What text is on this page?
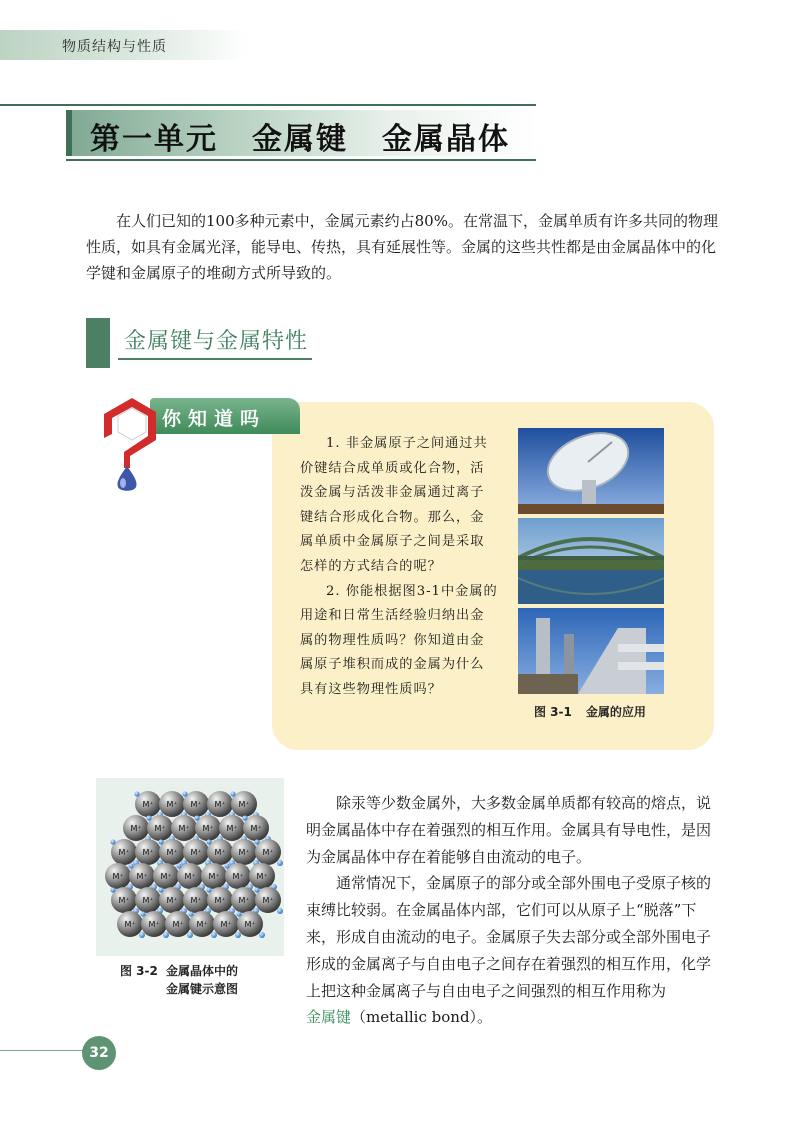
物质结构与性质
第一单元 金属键 金属晶体

在人们已知的100多种元素中，金属元素约占80%。在常温下，金属单质有许多共同的物理性质，如具有金属光泽，能导电、传热，具有延展性等。金属的这些共性都是由金属晶体中的化学键和金属原子的堆砌方式所导致的。

金属键与金属特性
你知道吗

1. 非金属原子之间通过共价键结合成单质或化合物，活泼金属与活泼非金属通过离子键结合形成化合物。那么，金属单质中金属原子之间是采取怎样的方式结合的呢？

2. 你能根据图3-1中金属的用途和日常生活经验归纳出金属的物理性质吗？你知道由金属原子堆积而成的金属为什么具有这些物理性质吗？

图 3-1 金属的应用
M⁺ M⁺ M⁺ M⁺ M⁺
M⁺ M⁺ M⁺ M⁺ M⁺ M⁺
M⁺ M⁺ M⁺ M⁺ M⁺ M⁺ M⁺
M⁺ M⁺ M⁺ M⁺ M⁺ M⁺ M⁺
M⁺ M⁺ M⁺ M⁺ M⁺ M⁺ M⁺
M⁺ M⁺ M⁺ M⁺ M⁺ M⁺
图 3-2 金属晶体中的
金属键示意图

除汞等少数金属外，大多数金属单质都有较高的熔点，说明金属晶体中存在着强烈的相互作用。金属具有导电性，是因为金属晶体中存在着能够自由流动的电子。

通常情况下，金属原子的部分或全部外围电子受原子核的束缚比较弱。在金属晶体内部，它们可以从原子上“脱落”下来，形成自由流动的电子。金属原子失去部分或全部外围电子形成的金属离子与自由电子之间存在着强烈的相互作用，化学上把这种金属离子与自由电子之间强烈的相互作用称为
金属键（metallic bond）。

32
